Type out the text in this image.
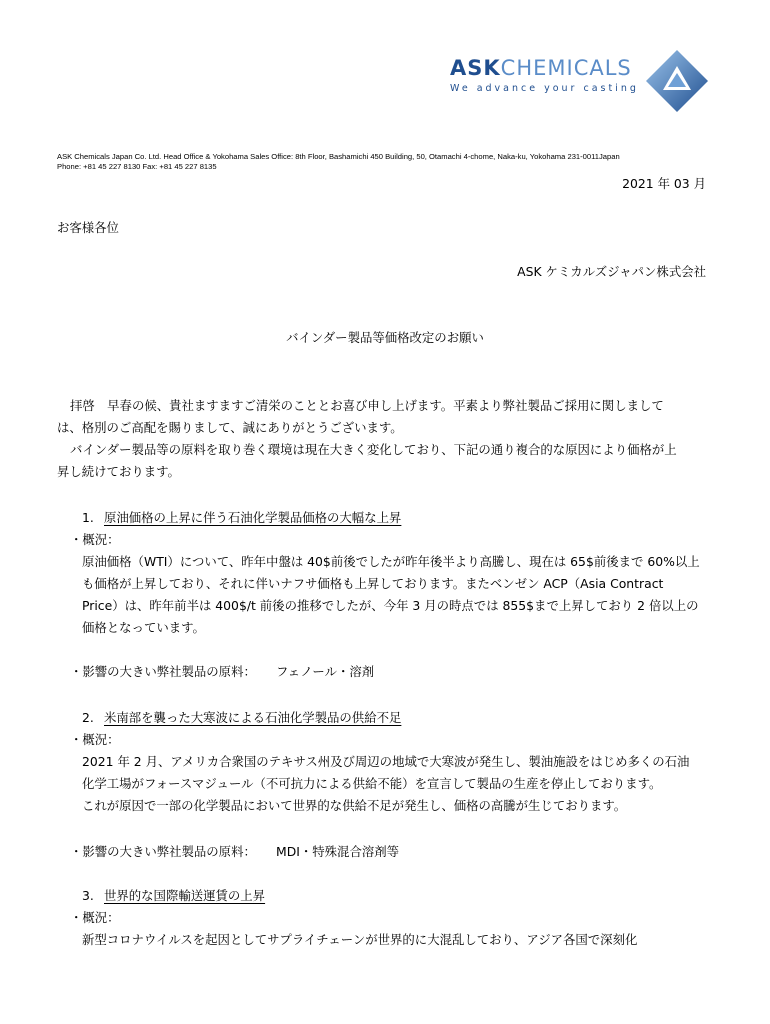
ASKCHEMICALS
We advance your casting
ASK Chemicals Japan Co. Ltd. Head Office & Yokohama Sales Office: 8th Floor, Bashamichi 450 Building, 50, Otamachi 4-chome, Naka-ku, Yokohama 231-0011Japan
Phone: +81 45 227 8130 Fax: +81 45 227 8135
2021 年 03 月
お客様各位
ASK ケミカルズジャパン株式会社
バインダー製品等価格改定のお願い
拝啓　早春の候、貴社ますますご清栄のこととお喜び申し上げます。平素より弊社製品ご採用に関しまして
は、格別のご高配を賜りまして、誠にありがとうございます。
バインダー製品等の原料を取り巻く環境は現在大きく変化しており、下記の通り複合的な原因により価格が上
昇し続けております。
1. 原油価格の上昇に伴う石油化学製品価格の大幅な上昇
・概況：
原油価格（WTI）について、昨年中盤は 40$前後でしたが昨年後半より高騰し、現在は 65$前後まで 60%以上
も価格が上昇しており、それに伴いナフサ価格も上昇しております。またベンゼン ACP（Asia Contract
Price）は、昨年前半は 400$/t 前後の推移でしたが、今年 3 月の時点では 855$まで上昇しており 2 倍以上の
価格となっています。
・影響の大きい弊社製品の原料： フェノール・溶剤
2. 米南部を襲った大寒波による石油化学製品の供給不足
・概況：
2021 年 2 月、アメリカ合衆国のテキサス州及び周辺の地域で大寒波が発生し、製油施設をはじめ多くの石油
化学工場がフォースマジュール（不可抗力による供給不能）を宣言して製品の生産を停止しております。
これが原因で一部の化学製品において世界的な供給不足が発生し、価格の高騰が生じております。
・影響の大きい弊社製品の原料： MDI・特殊混合溶剤等
3. 世界的な国際輸送運賃の上昇
・概況：
新型コロナウイルスを起因としてサプライチェーンが世界的に大混乱しており、アジア各国で深刻化
